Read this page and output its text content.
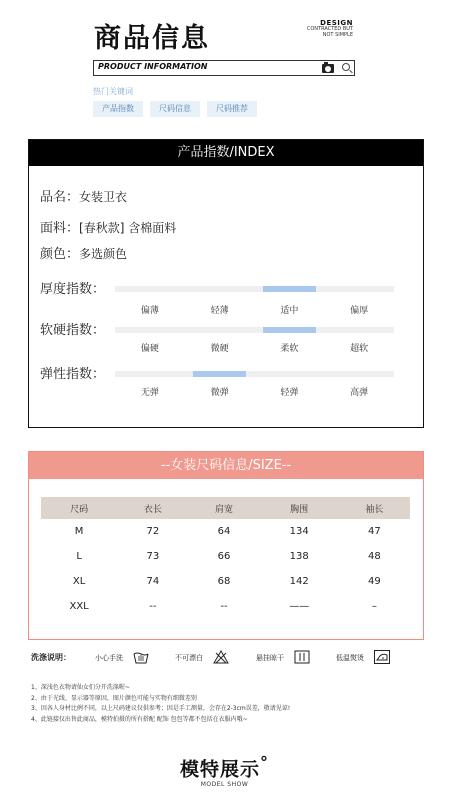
商品信息	DESIGN
CONTRACTED BUT
NOT SIMPLE
PRODUCT INFORMATION
热门关键词
产品指数	尺码信息	尺码推荐
产品指数/INDEX
品名：女装卫衣
面料：[春秋款] 含棉面料
颜色：多选颜色
厚度指数：
偏薄	轻薄	适中	偏厚
软硬指数：
偏硬	微硬	柔软	超软
弹性指数：
无弹	微弹	轻弹	高弹
--女装尺码信息/SIZE--
尺码	衣长	肩宽	胸围	袖长
M	72	64	134	47
L	73	66	138	48
XL	74	68	142	49
XXL	--	--	——	–
洗涤说明：	小心手洗	不可漂白	悬挂晾干	低温熨烫
1、深浅色衣物请仙女们分开洗涤喔~
2、由于光线、显示器等原因，图片颜色可能与实物有细微差别
3、因各人身材比例不同，以上尺码建议仅供参考；因是手工测量，会存在2-3cm误差，敬请见谅!
4、此链接仅出售此商品，模特拍摄的所有搭配 配饰 包包等都不包括在衣服内哦~
模特展示°
MODEL SHOW
